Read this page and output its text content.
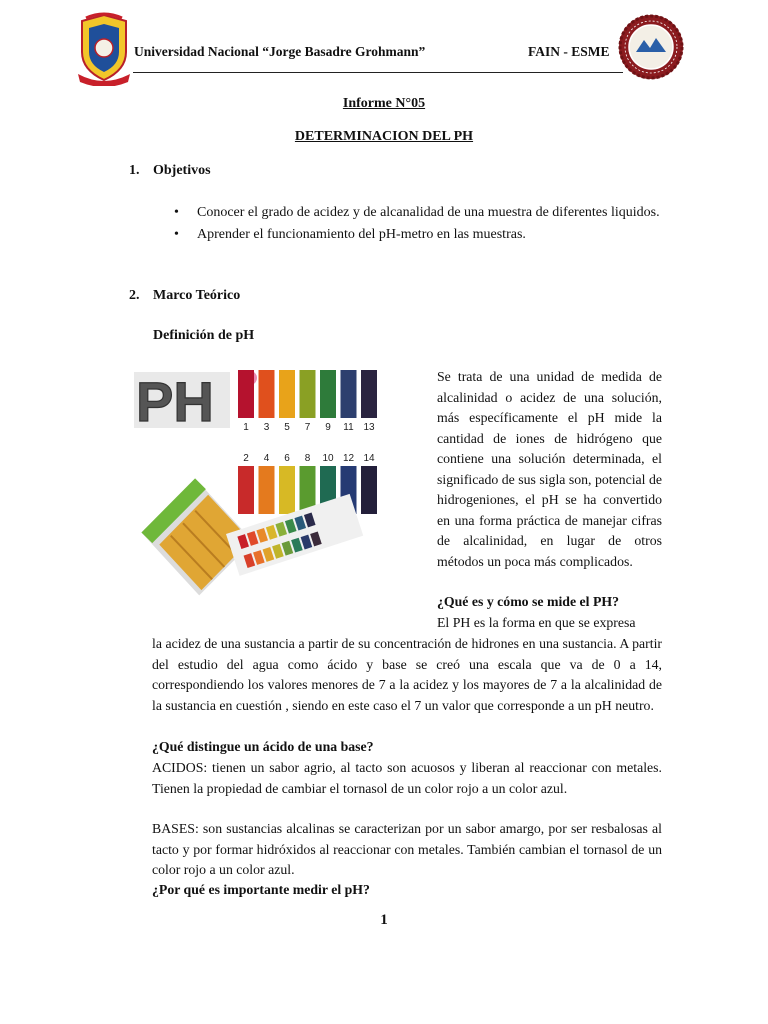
Universidad Nacional “Jorge Basadre Grohmann”	FAIN - ESME
Informe N°05
DETERMINACION DEL PH
1. Objetivos
• Conocer el grado de acidez y de alcanalidad de una muestra de diferentes liquidos.
• Aprender el funcionamiento del pH-metro en las muestras.
2. Marco Teórico
Definición de pH
PH	1 3 5 7 9 11 13
2 4 6 8 10 12 14

Se trata de una unidad de medida de alcalinidad o acidez de una solución, más específicamente el pH mide la cantidad de iones de hidrógeno que contiene una solución determinada, el significado de sus sigla son, potencial de hidrogeniones, el pH se ha convertido en una forma práctica de manejar cifras de alcalinidad, en lugar de otros métodos un poca más complicados.

¿Qué es y cómo se mide el PH?

El PH es la forma en que se expresa

la acidez de una sustancia a partir de su concentración de hidrones en una sustancia. A partir del estudio del agua como ácido y base se creó una escala que va de 0 a 14, correspondiendo los valores menores de 7 a la acidez y los mayores de 7 a la alcalinidad de la sustancia en cuestión , siendo en este caso el 7 un valor que corresponde a un pH neutro.

¿Qué distingue un ácido de una base?

ACIDOS: tienen un sabor agrio, al tacto son acuosos y liberan al reaccionar con metales. Tienen la propiedad de cambiar el tornasol de un color rojo a un color azul.

BASES: son sustancias alcalinas se caracterizan por un sabor amargo, por ser resbalosas al tacto y por formar hidróxidos al reaccionar con metales. También cambian el tornasol de un color rojo a un color azul.

¿Por qué es importante medir el pH?

1
